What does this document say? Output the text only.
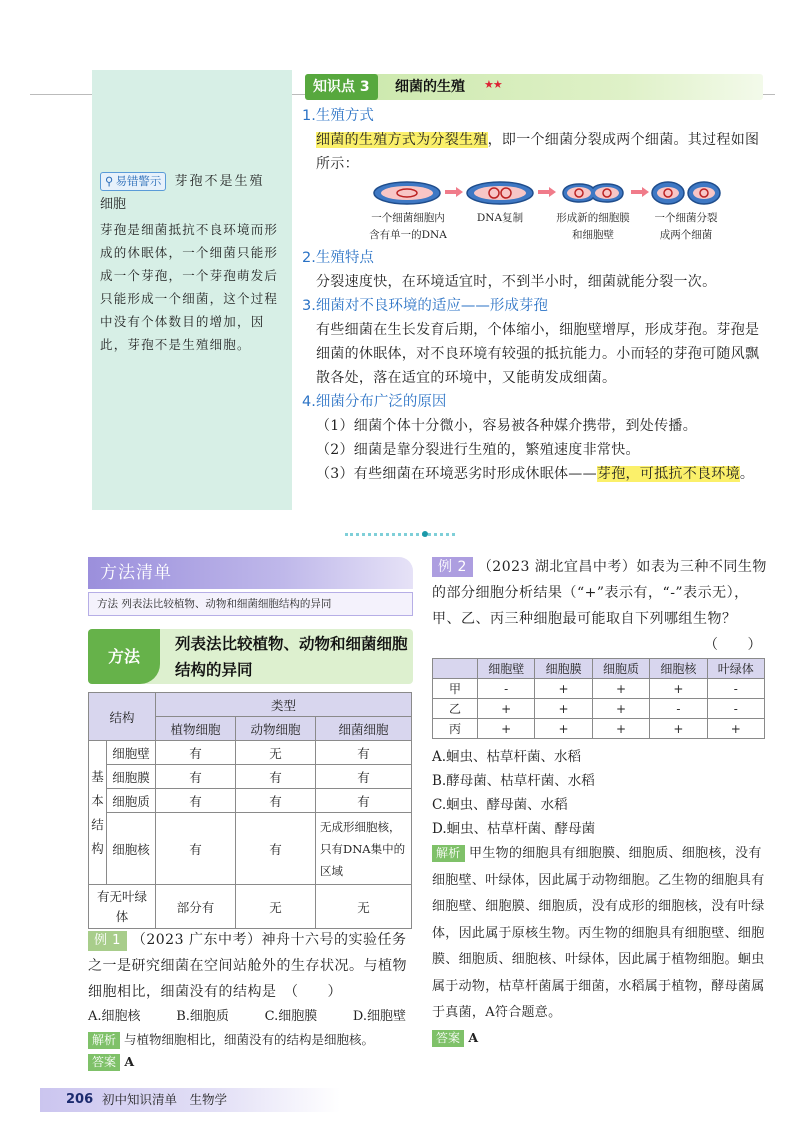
知识点 3	细菌的生殖 ★★
⚲ 易错警示 芽孢不是生殖
细胞
芽孢是细菌抵抗不良环境而形成的休眠体，一个细菌只能形成一个芽孢，一个芽孢萌发后只能形成一个细菌，这个过程中没有个体数目的增加，因此，芽孢不是生殖细胞。
1.生殖方式
细菌的生殖方式为分裂生殖，即一个细菌分裂成两个细菌。其过程如图所示：
一个细菌细胞内
含有单一的DNA
DNA复制	形成新的细胞膜
和细胞壁
一个细菌分裂
成两个细菌
2.生殖特点
分裂速度快，在环境适宜时，不到半小时，细菌就能分裂一次。
3.细菌对不良环境的适应——形成芽孢
有些细菌在生长发育后期，个体缩小，细胞壁增厚，形成芽孢。芽孢是细菌的休眠体，对不良环境有较强的抵抗能力。小而轻的芽孢可随风飘散各处，落在适宜的环境中，又能萌发成细菌。
4.细菌分布广泛的原因
（1）细菌个体十分微小，容易被各种媒介携带，到处传播。
（2）细菌是靠分裂进行生殖的，繁殖速度非常快。
（3）有些细菌在环境恶劣时形成休眠体——芽孢，可抵抗不良环境。
方法清单
方法 列表法比较植物、动物和细菌细胞结构的异同
方法
列表法比较植物、动物和细菌细胞结构的异同
结构		类型		
		植物细胞	动物细胞	细菌细胞

基
本
结
构	细胞壁	有	无	有
	细胞膜	有	有	有
	细胞质	有	有	有
	细胞核	有	有	无成形细胞核，只有DNA集中的区域
有无叶绿体		部分有	无	无
例 1 （2023 广东中考）神舟十六号的实验任务之一是研究细菌在空间站舱外的生存状况。与植物细胞相比，细菌没有的结构是　（　　）
A.细胞核	B.细胞质	C.细胞膜	D.细胞壁
解析 与植物细胞相比，细菌没有的结构是细胞核。
答案 A
例 2 （2023 湖北宜昌中考）如表为三种不同生物的部分细胞分析结果（“+”表示有，“-”表示无），甲、乙、丙三种细胞最可能取自下列哪组生物？
（　　）
	细胞壁	细胞膜	细胞质	细胞核	叶绿体
甲	-	+	+	+	-
乙	+	+	+	-	-
丙	+	+	+	+	+
A.蛔虫、枯草杆菌、水稻
B.酵母菌、枯草杆菌、水稻
C.蛔虫、酵母菌、水稻
D.蛔虫、枯草杆菌、酵母菌
解析 甲生物的细胞具有细胞膜、细胞质、细胞核，没有细胞壁、叶绿体，因此属于动物细胞。乙生物的细胞具有细胞壁、细胞膜、细胞质，没有成形的细胞核，没有叶绿体，因此属于原核生物。丙生物的细胞具有细胞壁、细胞膜、细胞质、细胞核、叶绿体，因此属于植物细胞。蛔虫属于动物，枯草杆菌属于细菌，水稻属于植物，酵母菌属于真菌，A符合题意。
答案 A
206 初中知识清单　生物学
